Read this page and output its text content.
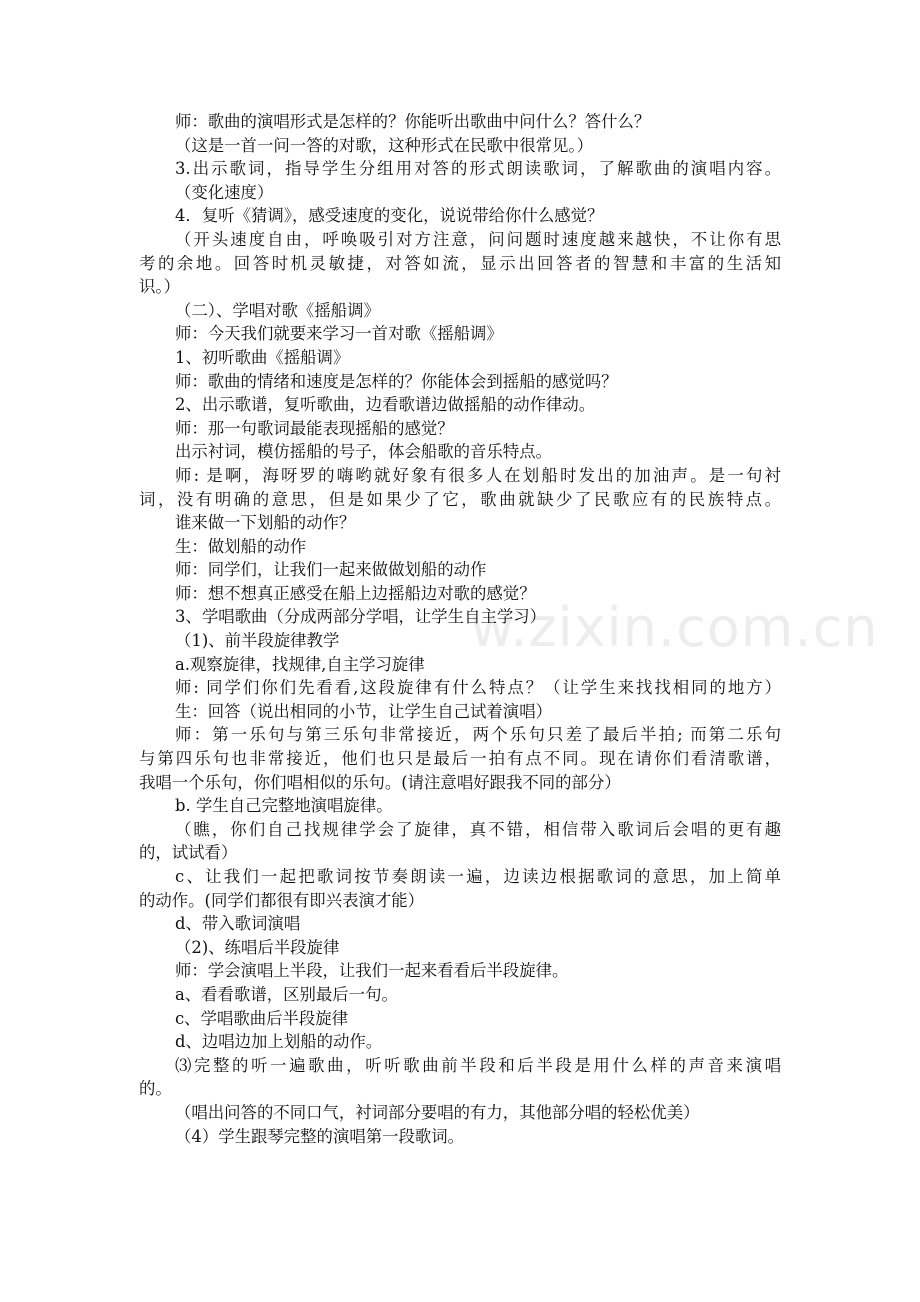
w.zixin.com.cn
师：歌曲的演唱形式是怎样的？你能听出歌曲中问什么？答什么？
（这是一首一问一答的对歌，这种形式在民歌中很常见。）
3.出示歌词，指导学生分组用对答的形式朗读歌词，了解歌曲的演唱内容。
（变化速度）
4．复听《猜调》，感受速度的变化，说说带给你什么感觉？
（开头速度自由，呼唤吸引对方注意，问问题时速度越来越快，不让你有思
考的余地。回答时机灵敏捷，对答如流，显示出回答者的智慧和丰富的生活知
识。）
（二）、学唱对歌《摇船调》
师：今天我们就要来学习一首对歌《摇船调》
1、初听歌曲《摇船调》
师：歌曲的情绪和速度是怎样的？你能体会到摇船的感觉吗？
2、出示歌谱，复听歌曲，边看歌谱边做摇船的动作律动。
师：那一句歌词最能表现摇船的感觉？
出示衬词，模仿摇船的号子，体会船歌的音乐特点。
师: 是啊，海呀罗的嗨哟就好象有很多人在划船时发出的加油声。是一句衬
词，没有明确的意思，但是如果少了它，歌曲就缺少了民歌应有的民族特点。
谁来做一下划船的动作？
生：做划船的动作
师：同学们，让我们一起来做做划船的动作
师：想不想真正感受在船上边摇船边对歌的感觉？
3、学唱歌曲（分成两部分学唱，让学生自主学习）
（1)、前半段旋律教学
a.观察旋律，找规律,自主学习旋律
师: 同学们你们先看看,这段旋律有什么特点？（让学生来找找相同的地方）
生：回答（说出相同的小节，让学生自己试着演唱）
师：第一乐句与第三乐句非常接近，两个乐句只差了最后半拍; 而第二乐句
与第四乐句也非常接近，他们也只是最后一拍有点不同。现在请你们看清歌谱，
我唱一个乐句，你们唱相似的乐句。(请注意唱好跟我不同的部分）
b. 学生自己完整地演唱旋律。
（瞧，你们自己找规律学会了旋律，真不错，相信带入歌词后会唱的更有趣
的，试试看）
c、让我们一起把歌词按节奏朗读一遍，边读边根据歌词的意思，加上简单
的动作。(同学们都很有即兴表演才能）
d、带入歌词演唱
（2)、练唱后半段旋律
师：学会演唱上半段，让我们一起来看看后半段旋律。
a、看看歌谱，区别最后一句。
c、学唱歌曲后半段旋律
d、边唱边加上划船的动作。
⑶完整的听一遍歌曲，听听歌曲前半段和后半段是用什么样的声音来演唱
的。
（唱出问答的不同口气，衬词部分要唱的有力，其他部分唱的轻松优美）
（4）学生跟琴完整的演唱第一段歌词。
